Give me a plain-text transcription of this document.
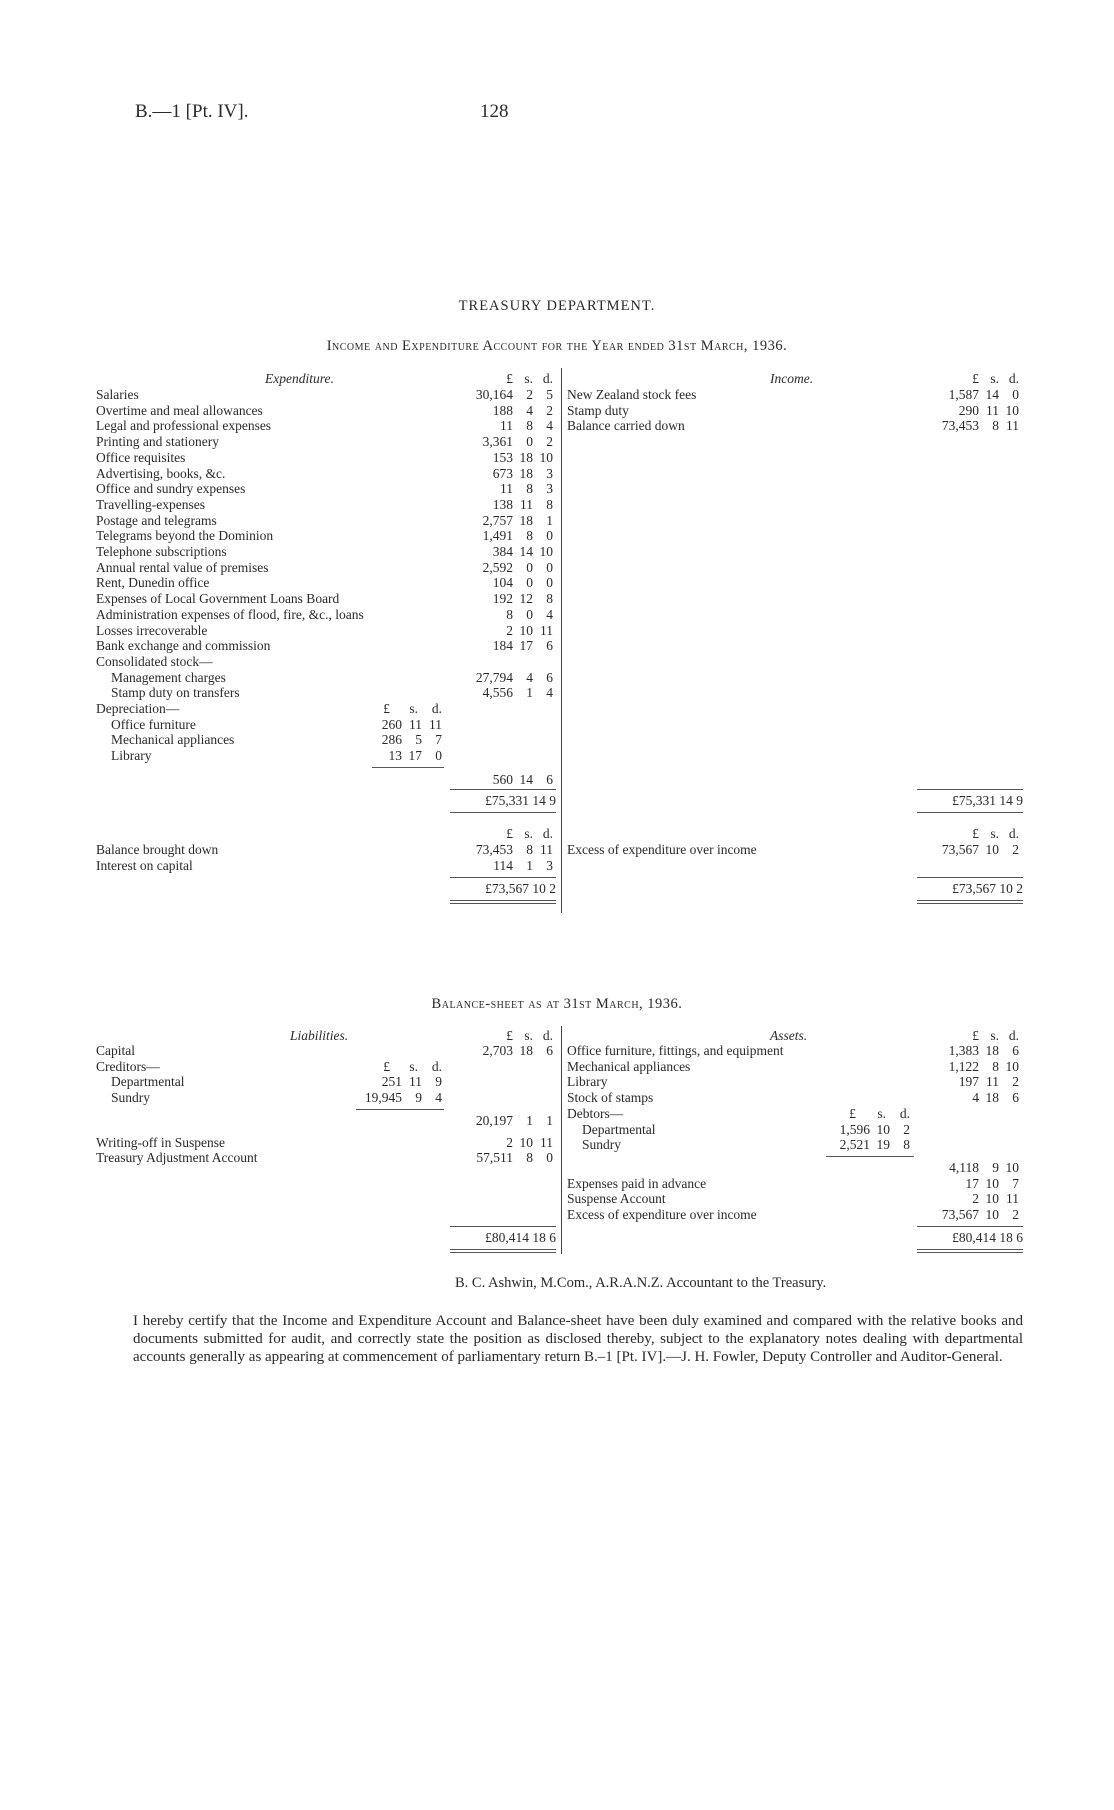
B.—1 [Pt. IV].	128
TREASURY DEPARTMENT.
Income and Expenditure Account for the Year ended 31st March, 1936.
Expenditure.	Income.
£ s. d.	£ s. d.
Salaries	30,164 2 5
Overtime and meal allowances	188 4 2
Legal and professional expenses	11 8 4
Printing and stationery	3,361 0 2
Office requisites	153 18 10
Advertising, books, &c.	673 18 3
Office and sundry expenses	11 8 3
Travelling-expenses	138 11 8
Postage and telegrams	2,757 18 1
Telegrams beyond the Dominion	1,491 8 0
Telephone subscriptions	384 14 10
Annual rental value of premises	2,592 0 0
Rent, Dunedin office	104 0 0
Expenses of Local Government Loans Board	192 12 8
Administration expenses of flood, fire, &c., loans	8 0 4
Losses irrecoverable	2 10 11
Bank exchange and commission	184 17 6
Consolidated stock—
Management charges	27,794 4 6
Stamp duty on transfers	4,556 1 4
Depreciation—	£	s.	d.
Office furniture	260 11 11
Mechanical appliances	286 5 7
Library	13 17 0
560 14 6
New Zealand stock fees	1,587 14 0
Stamp duty	290 11 10
Balance carried down	73,453 8 11
£75,331 14 9	£75,331 14 9
£ s. d.	£ s. d.
Balance brought down	73,453 8 11
Interest on capital	114 1 3
Excess of expenditure over income	73,567 10 2
£73,567 10 2	£73,567 10 2
Balance-sheet as at 31st March, 1936.
Liabilities.	Assets.
£ s. d.	£ s. d.
Capital	2,703 18 6
Creditors—	£	s.	d.
Departmental	251 11 9
Sundry	19,945 9 4
20,197 1 1
Writing-off in Suspense	2 10 11
Treasury Adjustment Account	57,511 8 0
Office furniture, fittings, and equipment	1,383 18 6
Mechanical appliances	1,122 8 10
Library	197 11 2
Stock of stamps	4 18 6
Debtors—	£	s.	d.
Departmental	1,596 10 2
Sundry	2,521 19 8
4,118 9 10
Expenses paid in advance	17 10 7
Suspense Account	2 10 11
Excess of expenditure over income	73,567 10 2
£80,414 18 6	£80,414 18 6
B. C. Ashwin, M.Com., A.R.A.N.Z. Accountant to the Treasury.
I hereby certify that the Income and Expenditure Account and Balance-sheet have been duly examined and compared with the relative books and documents submitted for audit, and correctly state the position as disclosed thereby, subject to the explanatory notes dealing with departmental accounts generally as appearing at commencement of parliamentary return B.–1 [Pt. IV].—J. H. Fowler, Deputy Controller and Auditor-General.
